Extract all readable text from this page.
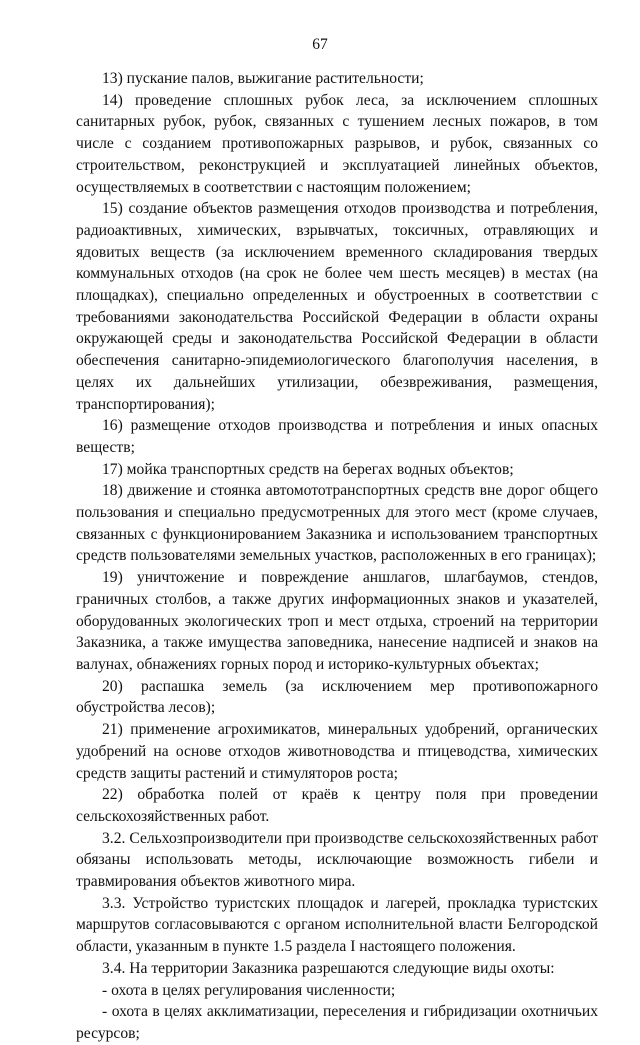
67

13) пускание палов, выжигание растительности;

14) проведение сплошных рубок леса, за исключением сплошных санитарных рубок, рубок, связанных с тушением лесных пожаров, в том числе с созданием противопожарных разрывов, и рубок, связанных со строительством, реконструкцией и эксплуатацией линейных объектов, осуществляемых в соответствии с настоящим положением;

15) создание объектов размещения отходов производства и потребления, радиоактивных, химических, взрывчатых, токсичных, отравляющих и ядовитых веществ (за исключением временного складирования твердых коммунальных отходов (на срок не более чем шесть месяцев) в местах (на площадках), специально определенных и обустроенных в соответствии с требованиями законодательства Российской Федерации в области охраны окружающей среды и законодательства Российской Федерации в области обеспечения санитарно-эпидемиологического благополучия населения, в целях их дальнейших утилизации, обезвреживания, размещения, транспортирования);

16) размещение отходов производства и потребления и иных опасных веществ;

17) мойка транспортных средств на берегах водных объектов;

18) движение и стоянка автомототранспортных средств вне дорог общего пользования и специально предусмотренных для этого мест (кроме случаев, связанных с функционированием Заказника и использованием транспортных средств пользователями земельных участков, расположенных в его границах);

19) уничтожение и повреждение аншлагов, шлагбаумов, стендов, граничных столбов, а также других информационных знаков и указателей, оборудованных экологических троп и мест отдыха, строений на территории Заказника, а также имущества заповедника, нанесение надписей и знаков на валунах, обнажениях горных пород и историко-культурных объектах;

20) распашка земель (за исключением мер противопожарного обустройства лесов);

21) применение агрохимикатов, минеральных удобрений, органических удобрений на основе отходов животноводства и птицеводства, химических средств защиты растений и стимуляторов роста;

22) обработка полей от краёв к центру поля при проведении сельскохозяйственных работ.

3.2. Сельхозпроизводители при производстве сельскохозяйственных работ обязаны использовать методы, исключающие возможность гибели и травмирования объектов животного мира.

3.3. Устройство туристских площадок и лагерей, прокладка туристских маршрутов согласовываются с органом исполнительной власти Белгородской области, указанным в пункте 1.5 раздела I настоящего положения.

3.4. На территории Заказника разрешаются следующие виды охоты:

- охота в целях регулирования численности;

- охота в целях акклиматизации, переселения и гибридизации охотничьих ресурсов;
